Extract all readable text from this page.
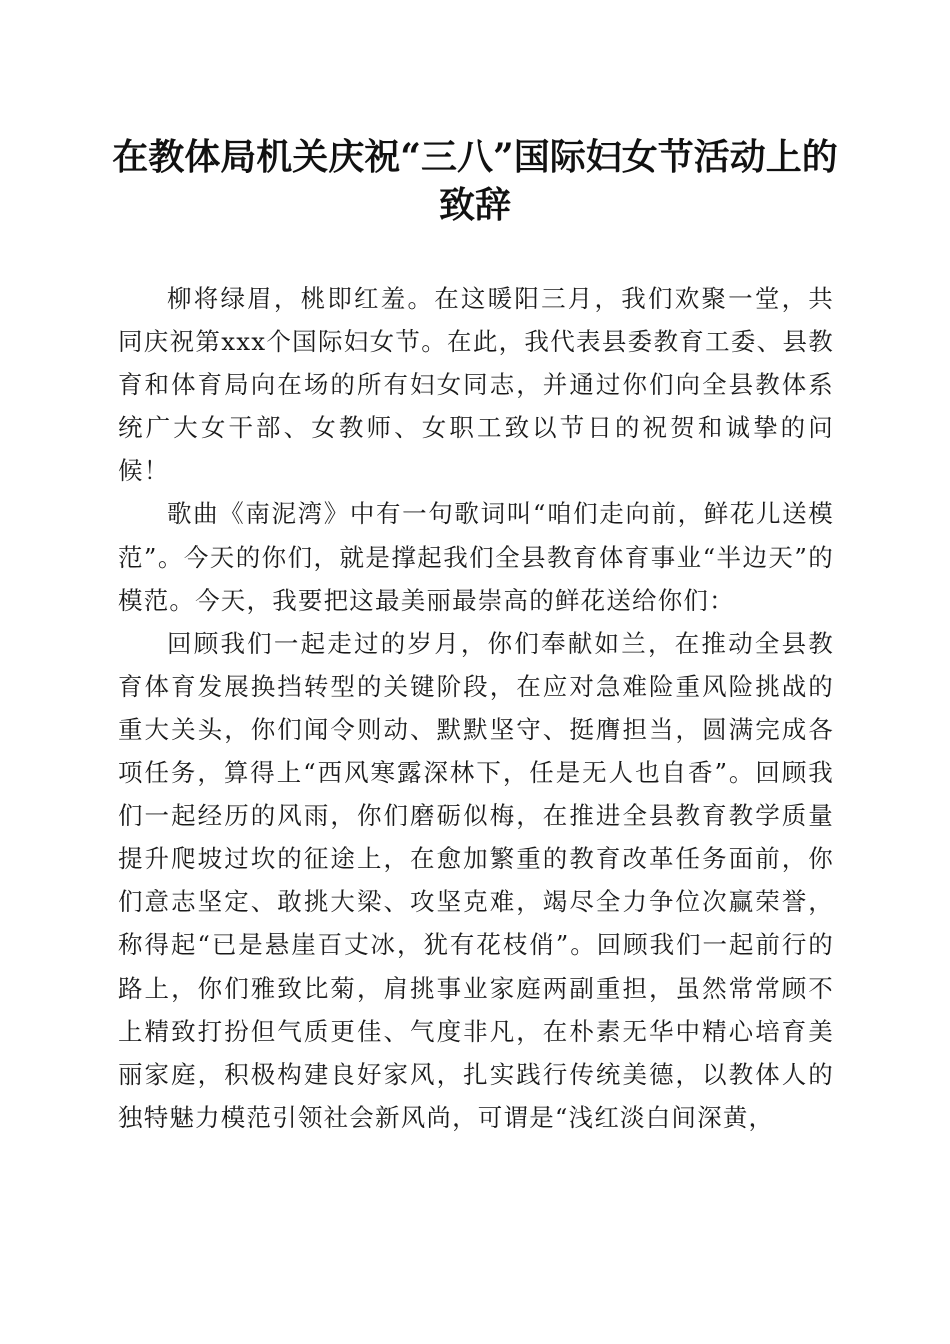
在教体局机关庆祝“三八”国际妇女节活动上的致辞

柳将绿眉，桃即红羞。在这暖阳三月，我们欢聚一堂，共同庆祝第xxx个国际妇女节。在此，我代表县委教育工委、县教育和体育局向在场的所有妇女同志，并通过你们向全县教体系统广大女干部、女教师、女职工致以节日的祝贺和诚挚的问候！

歌曲《南泥湾》中有一句歌词叫“咱们走向前，鲜花儿送模范”。今天的你们，就是撑起我们全县教育体育事业“半边天”的模范。今天，我要把这最美丽最崇高的鲜花送给你们：

回顾我们一起走过的岁月，你们奉献如兰，在推动全县教育体育发展换挡转型的关键阶段，在应对急难险重风险挑战的重大关头，你们闻令则动、默默坚守、挺膺担当，圆满完成各项任务，算得上“西风寒露深林下，任是无人也自香”。回顾我们一起经历的风雨，你们磨砺似梅，在推进全县教育教学质量提升爬坡过坎的征途上，在愈加繁重的教育改革任务面前，你们意志坚定、敢挑大梁、攻坚克难，竭尽全力争位次赢荣誉，称得起“已是悬崖百丈冰，犹有花枝俏”。回顾我们一起前行的路上，你们雅致比菊，肩挑事业家庭两副重担，虽然常常顾不上精致打扮但气质更佳、气度非凡，在朴素无华中精心培育美丽家庭，积极构建良好家风，扎实践行传统美德，以教体人的独特魅力模范引领社会新风尚，可谓是“浅红淡白间深黄，
